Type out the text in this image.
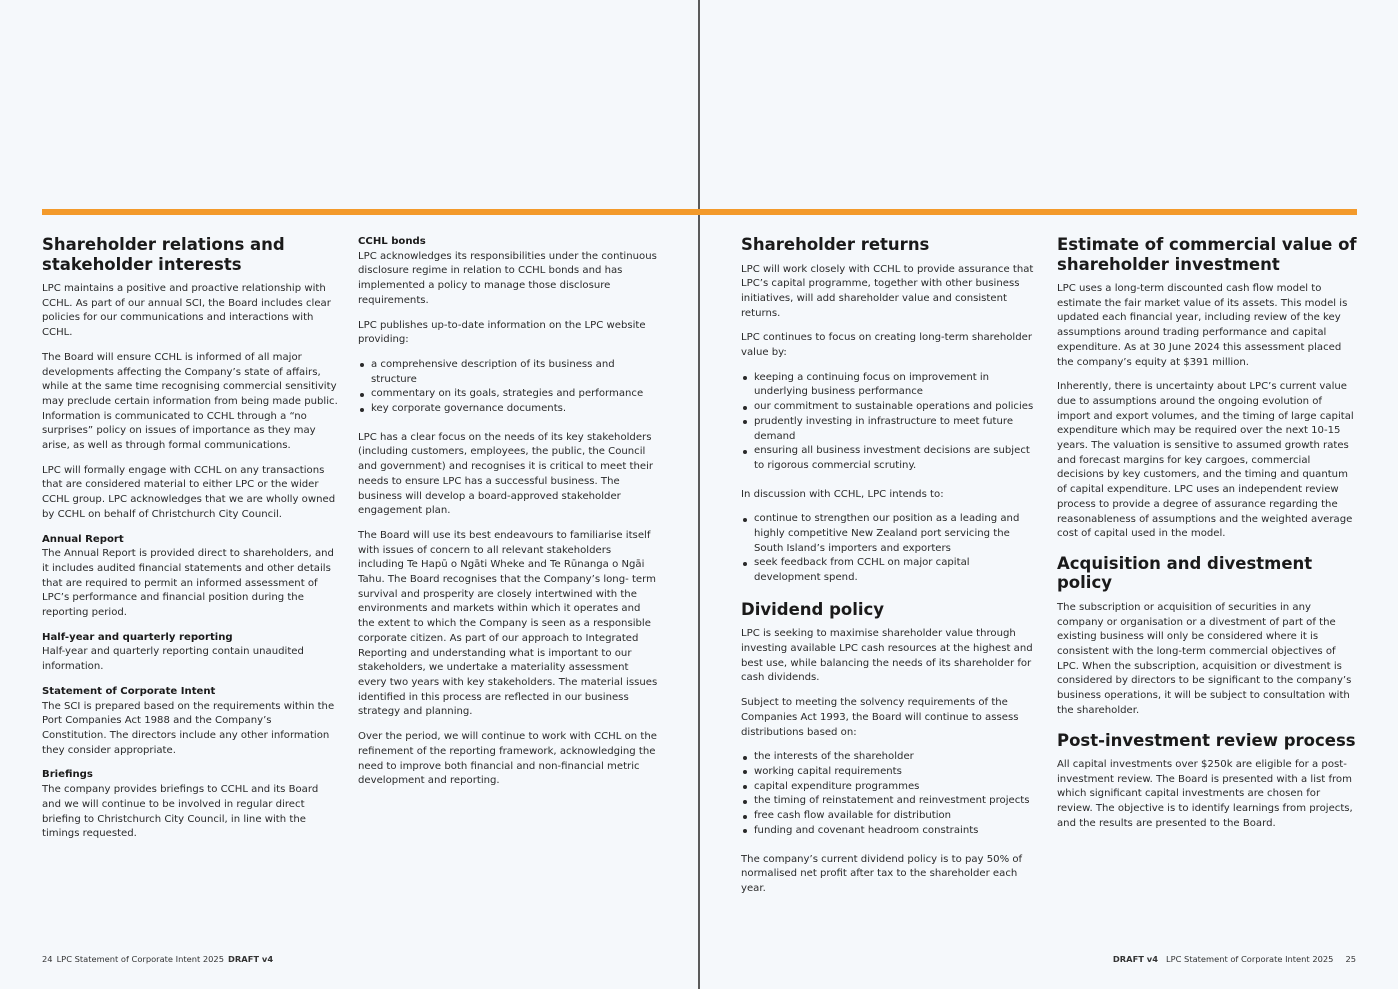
Shareholder relations and stakeholder interests

LPC maintains a positive and proactive relationship with CCHL. As part of our annual SCI, the Board includes clear policies for our communications and interactions with CCHL.

The Board will ensure CCHL is informed of all major developments affecting the Company’s state of affairs, while at the same time recognising commercial sensitivity may preclude certain information from being made public. Information is communicated to CCHL through a “no surprises” policy on issues of importance as they may arise, as well as through formal communications.

LPC will formally engage with CCHL on any transactions that are considered material to either LPC or the wider CCHL group. LPC acknowledges that we are wholly owned by CCHL on behalf of Christchurch City Council.

Annual Report

The Annual Report is provided direct to shareholders, and it includes audited financial statements and other details that are required to permit an informed assessment of LPC’s performance and financial position during the reporting period.

Half-year and quarterly reporting

Half-year and quarterly reporting contain unaudited information.

Statement of Corporate Intent

The SCI is prepared based on the requirements within the Port Companies Act 1988 and the Company’s Constitution. The directors include any other information they consider appropriate.

Briefings

The company provides briefings to CCHL and its Board and we will continue to be involved in regular direct briefing to Christchurch City Council, in line with the timings requested.

CCHL bonds

LPC acknowledges its responsibilities under the continuous disclosure regime in relation to CCHL bonds and has implemented a policy to manage those disclosure requirements.

LPC publishes up-to-date information on the LPC website providing:

a comprehensive description of its business and structure
commentary on its goals, strategies and performance
key corporate governance documents.

LPC has a clear focus on the needs of its key stakeholders (including customers, employees, the public, the Council and government) and recognises it is critical to meet their needs to ensure LPC has a successful business. The business will develop a board-approved stakeholder engagement plan.

The Board will use its best endeavours to familiarise itself with issues of concern to all relevant stakeholders including Te Hapū o Ngāti Wheke and Te Rūnanga o Ngāi Tahu. The Board recognises that the Company’s long- term survival and prosperity are closely intertwined with the environments and markets within which it operates and the extent to which the Company is seen as a responsible corporate citizen. As part of our approach to Integrated Reporting and understanding what is important to our stakeholders, we undertake a materiality assessment every two years with key stakeholders. The material issues identified in this process are reflected in our business strategy and planning.

Over the period, we will continue to work with CCHL on the refinement of the reporting framework, acknowledging the need to improve both financial and non-financial metric development and reporting.

Shareholder returns

LPC will work closely with CCHL to provide assurance that LPC’s capital programme, together with other business initiatives, will add shareholder value and consistent returns.

LPC continues to focus on creating long-term shareholder value by:

keeping a continuing focus on improvement in underlying business performance
our commitment to sustainable operations and policies
prudently investing in infrastructure to meet future demand
ensuring all business investment decisions are subject to rigorous commercial scrutiny.

In discussion with CCHL, LPC intends to:

continue to strengthen our position as a leading and highly competitive New Zealand port servicing the South Island’s importers and exporters
seek feedback from CCHL on major capital development spend.
Dividend policy

LPC is seeking to maximise shareholder value through investing available LPC cash resources at the highest and best use, while balancing the needs of its shareholder for cash dividends.

Subject to meeting the solvency requirements of the Companies Act 1993, the Board will continue to assess distributions based on:

the interests of the shareholder
working capital requirements
capital expenditure programmes
the timing of reinstatement and reinvestment projects
free cash flow available for distribution
funding and covenant headroom constraints

The company’s current dividend policy is to pay 50% of normalised net profit after tax to the shareholder each year.

Estimate of commercial value of shareholder investment

LPC uses a long-term discounted cash flow model to estimate the fair market value of its assets. This model is updated each financial year, including review of the key assumptions around trading performance and capital expenditure. As at 30 June 2024 this assessment placed the company’s equity at $391 million.

Inherently, there is uncertainty about LPC’s current value due to assumptions around the ongoing evolution of import and export volumes, and the timing of large capital expenditure which may be required over the next 10-15 years. The valuation is sensitive to assumed growth rates and forecast margins for key cargoes, commercial decisions by key customers, and the timing and quantum of capital expenditure. LPC uses an independent review process to provide a degree of assurance regarding the reasonableness of assumptions and the weighted average cost of capital used in the model.

Acquisition and divestment policy

The subscription or acquisition of securities in any company or organisation or a divestment of part of the existing business will only be considered where it is consistent with the long-term commercial objectives of LPC. When the subscription, acquisition or divestment is considered by directors to be significant to the company’s business operations, it will be subject to consultation with the shareholder.

Post-investment review process

All capital investments over $250k are eligible for a post-investment review. The Board is presented with a list from which significant capital investments are chosen for review. The objective is to identify learnings from projects, and the results are presented to the Board.

24 LPC Statement of Corporate Intent 2025 DRAFT v4	DRAFT v4 LPC Statement of Corporate Intent 2025 25
